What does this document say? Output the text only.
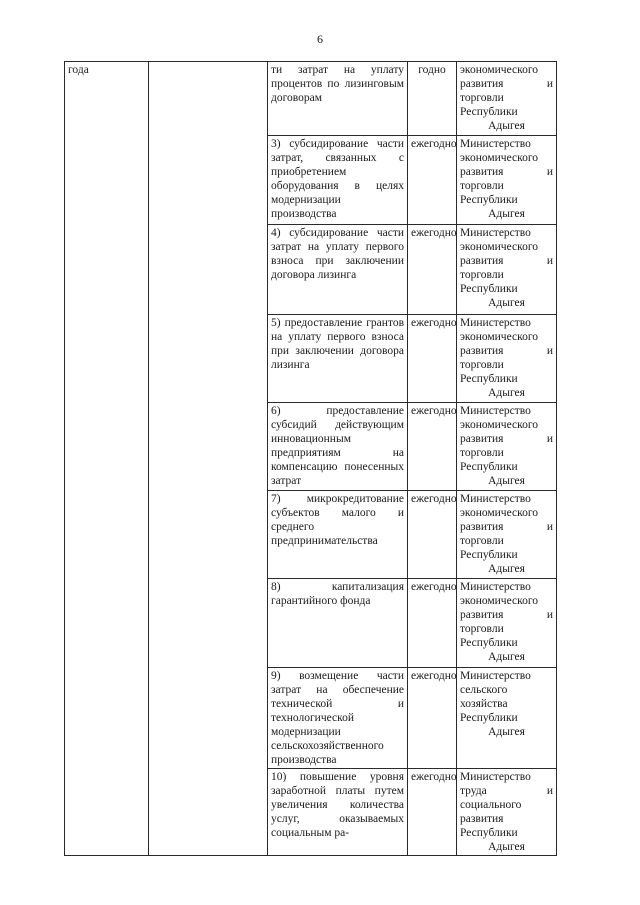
6
года		ти затрат на уплату процентов по лизинговым договорам	годно	экономического развития и торговли Республики Адыгея
		3) субсидирование части затрат, связанных с приобретением оборудования в целях модернизации производства	ежегодно	Министерство экономического развития и торговли Республики Адыгея
		4) субсидирование части затрат на уплату первого взноса при заключении договора лизинга	ежегодно	Министерство экономического развития и торговли Республики Адыгея
		5) предоставление грантов на уплату первого взноса при заключении договора лизинга	ежегодно	Министерство экономического развития и торговли Республики Адыгея
		6) предоставление субсидий действующим инновационным предприятиям на компенсацию понесенных затрат	ежегодно	Министерство экономического развития и торговли Республики Адыгея
		7) микрокредитование субъектов малого и среднего предпринимательства	ежегодно	Министерство экономического развития и торговли Республики Адыгея
		8) капитализация гарантийного фонда	ежегодно	Министерство экономического развития и торговли Республики Адыгея
		9) возмещение части затрат на обеспечение технической и технологической модернизации сельскохозяйственного производства	ежегодно	Министерство сельского хозяйства Республики Адыгея
		10) повышение уровня заработной платы путем увеличения количества услуг, оказываемых социальным ра-	ежегодно	Министерство труда и социального развития Республики Адыгея
